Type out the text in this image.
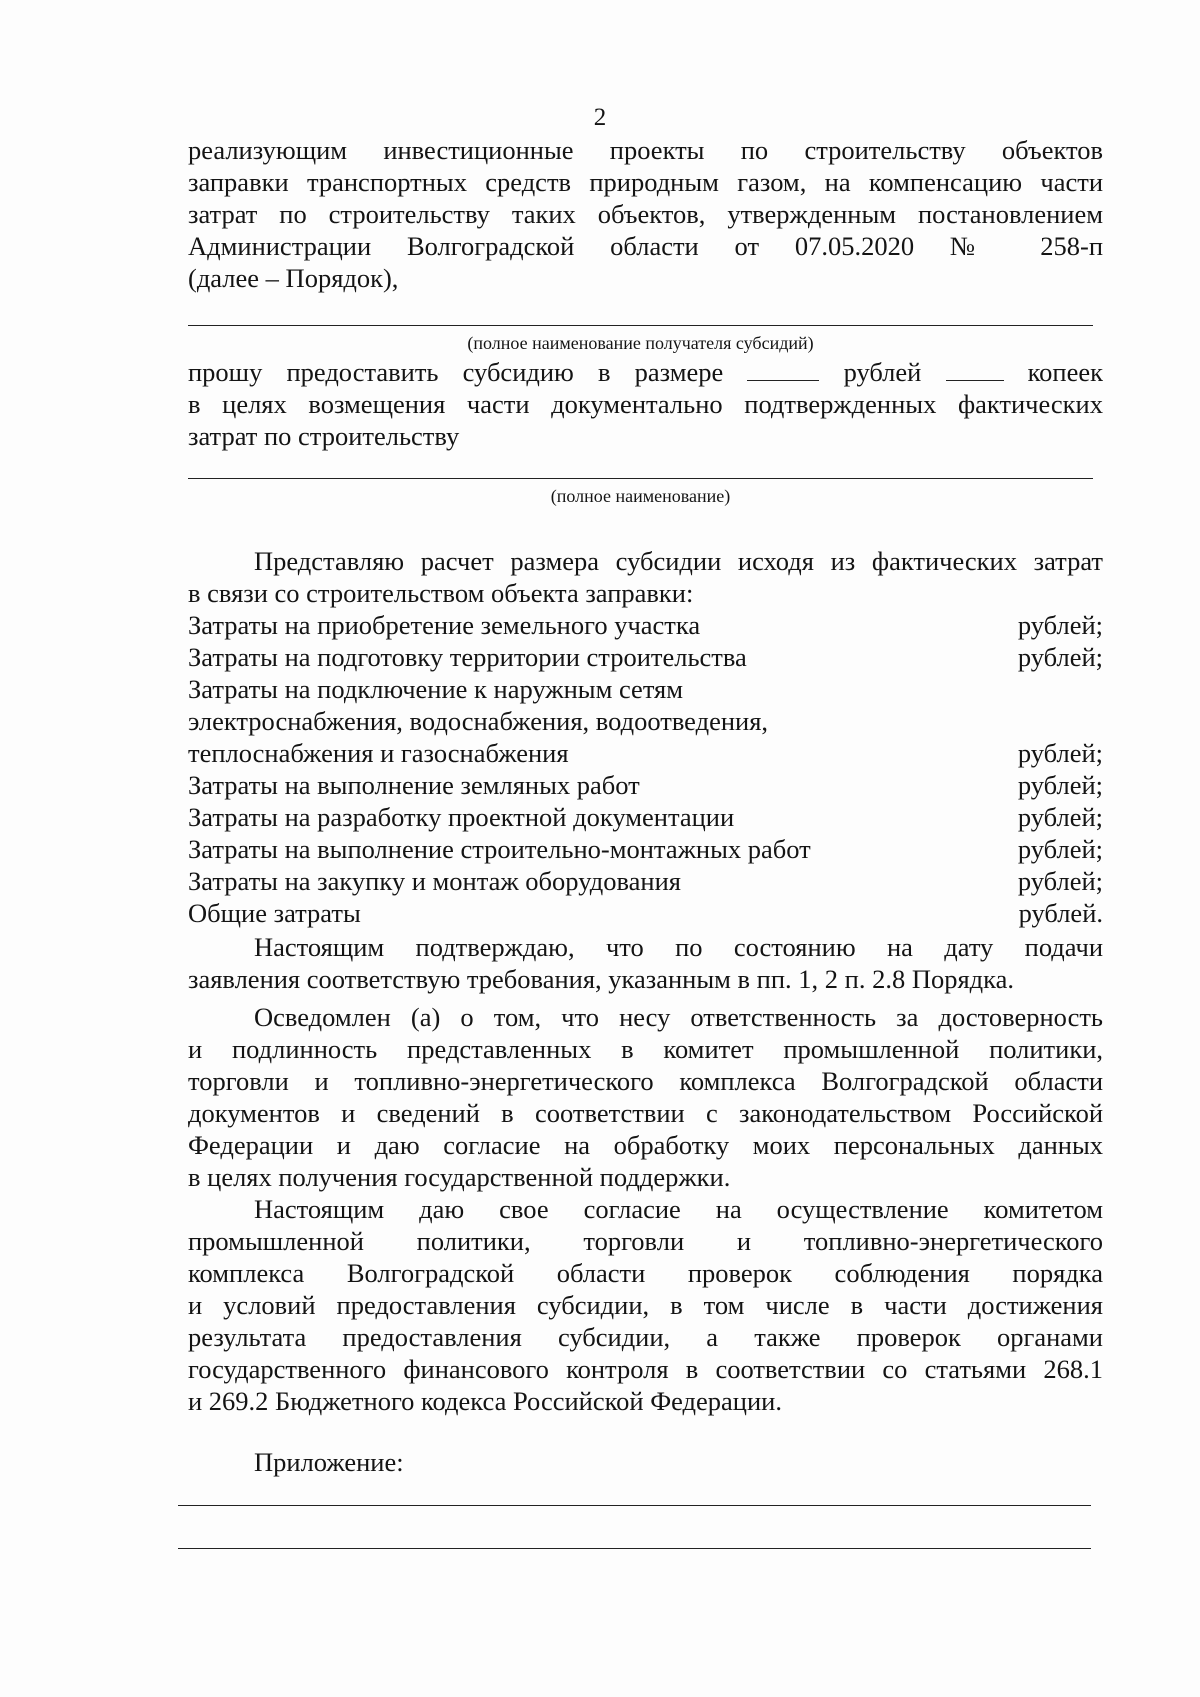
2
реализующим инвестиционные проекты по строительству объектов
заправки транспортных средств природным газом, на компенсацию части
затрат по строительству таких объектов, утвержденным постановлением
Администрации Волгоградской области от 07.05.2020 № 258-п
(далее – Порядок),
(полное наименование получателя субсидий)
прошу предоставить субсидию в размере	рублей	копеек
в целях возмещения части документально подтвержденных фактических
затрат по строительству
(полное наименование)
Представляю расчет размера субсидии исходя из фактических затрат
в связи со строительством объекта заправки:
Затраты на приобретение земельного участка	рублей;
Затраты на подготовку территории строительства	рублей;
Затраты на подключение к наружным сетям
электроснабжения, водоснабжения, водоотведения,
теплоснабжения и газоснабжения	рублей;
Затраты на выполнение земляных работ	рублей;
Затраты на разработку проектной документации	рублей;
Затраты на выполнение строительно-монтажных работ	рублей;
Затраты на закупку и монтаж оборудования	рублей;
Общие затраты	рублей.
Настоящим подтверждаю, что по состоянию на дату подачи
заявления соответствую требования, указанным в пп. 1, 2 п. 2.8 Порядка.
Осведомлен (а) о том, что несу ответственность за достоверность
и подлинность представленных в комитет промышленной политики,
торговли и топливно-энергетического комплекса Волгоградской области
документов и сведений в соответствии с законодательством Российской
Федерации и даю согласие на обработку моих персональных данных
в целях получения государственной поддержки.
Настоящим даю свое согласие на осуществление комитетом
промышленной политики, торговли и топливно-энергетического
комплекса Волгоградской области проверок соблюдения порядка
и условий предоставления субсидии, в том числе в части достижения
результата предоставления субсидии, а также проверок органами
государственного финансового контроля в соответствии со статьями 268.1
и 269.2 Бюджетного кодекса Российской Федерации.
Приложение:
